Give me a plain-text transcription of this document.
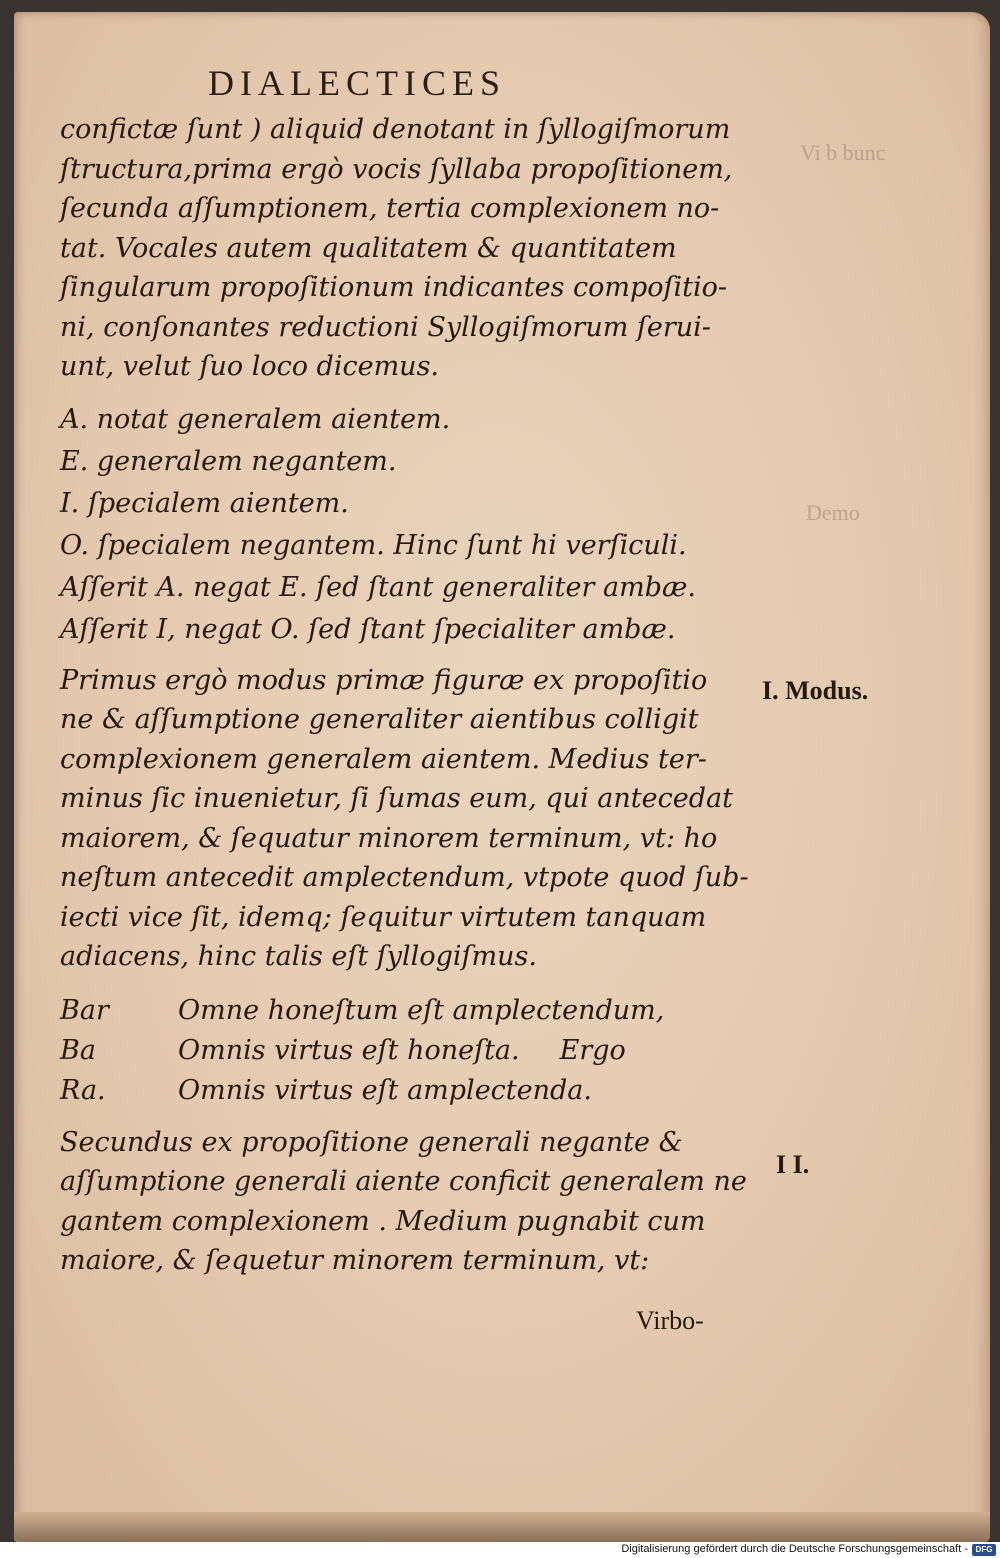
Vi b bunc
Demo
DIALECTICES
confictæ ſunt ) aliquid denotant in ſyllogiſmorum
ſtructura,prima ergò vocis ſyllaba propoſitionem,
ſecunda aſſumptionem, tertia complexionem no-
tat. Vocales autem qualitatem & quantitatem
ſingularum propoſitionum indicantes compoſitio-
ni, conſonantes reductioni Syllogiſmorum ſerui-
unt, velut ſuo loco dicemus.
A. notat generalem aientem.
E. generalem negantem.
I. ſpecialem aientem.
O. ſpecialem negantem. Hinc ſunt hi verſiculi.
Aſſerit A. negat E. ſed ſtant generaliter ambæ.
Aſſerit I, negat O. ſed ſtant ſpecialiter ambæ.
Primus ergò modus primæ figuræ ex propoſitio
ne & aſſumptione generaliter aientibus colligit
complexionem generalem aientem. Medius ter-
minus ſic inuenietur, ſi ſumas eum, qui antecedat
maiorem, & ſequatur minorem terminum, vt: ho
neſtum antecedit amplectendum, vtpote quod ſub-
iecti vice ſit, idemq; ſequitur virtutem tanquam
adiacens, hinc talis eſt ſyllogiſmus.
Bar	Omne honeſtum eſt amplectendum,
Ba	Omnis virtus eſt honeſta. Ergo
Ra.	Omnis virtus eſt amplectenda.
Secundus ex propoſitione generali negante &
aſſumptione generali aiente conficit generalem ne
gantem complexionem . Medium pugnabit cum
maiore, & ſequetur minorem terminum, vt:
I. Modus.
I I.
Virbo-
Digitalisierung gefördert durch die Deutsche Forschungsgemeinschaft - DFG
